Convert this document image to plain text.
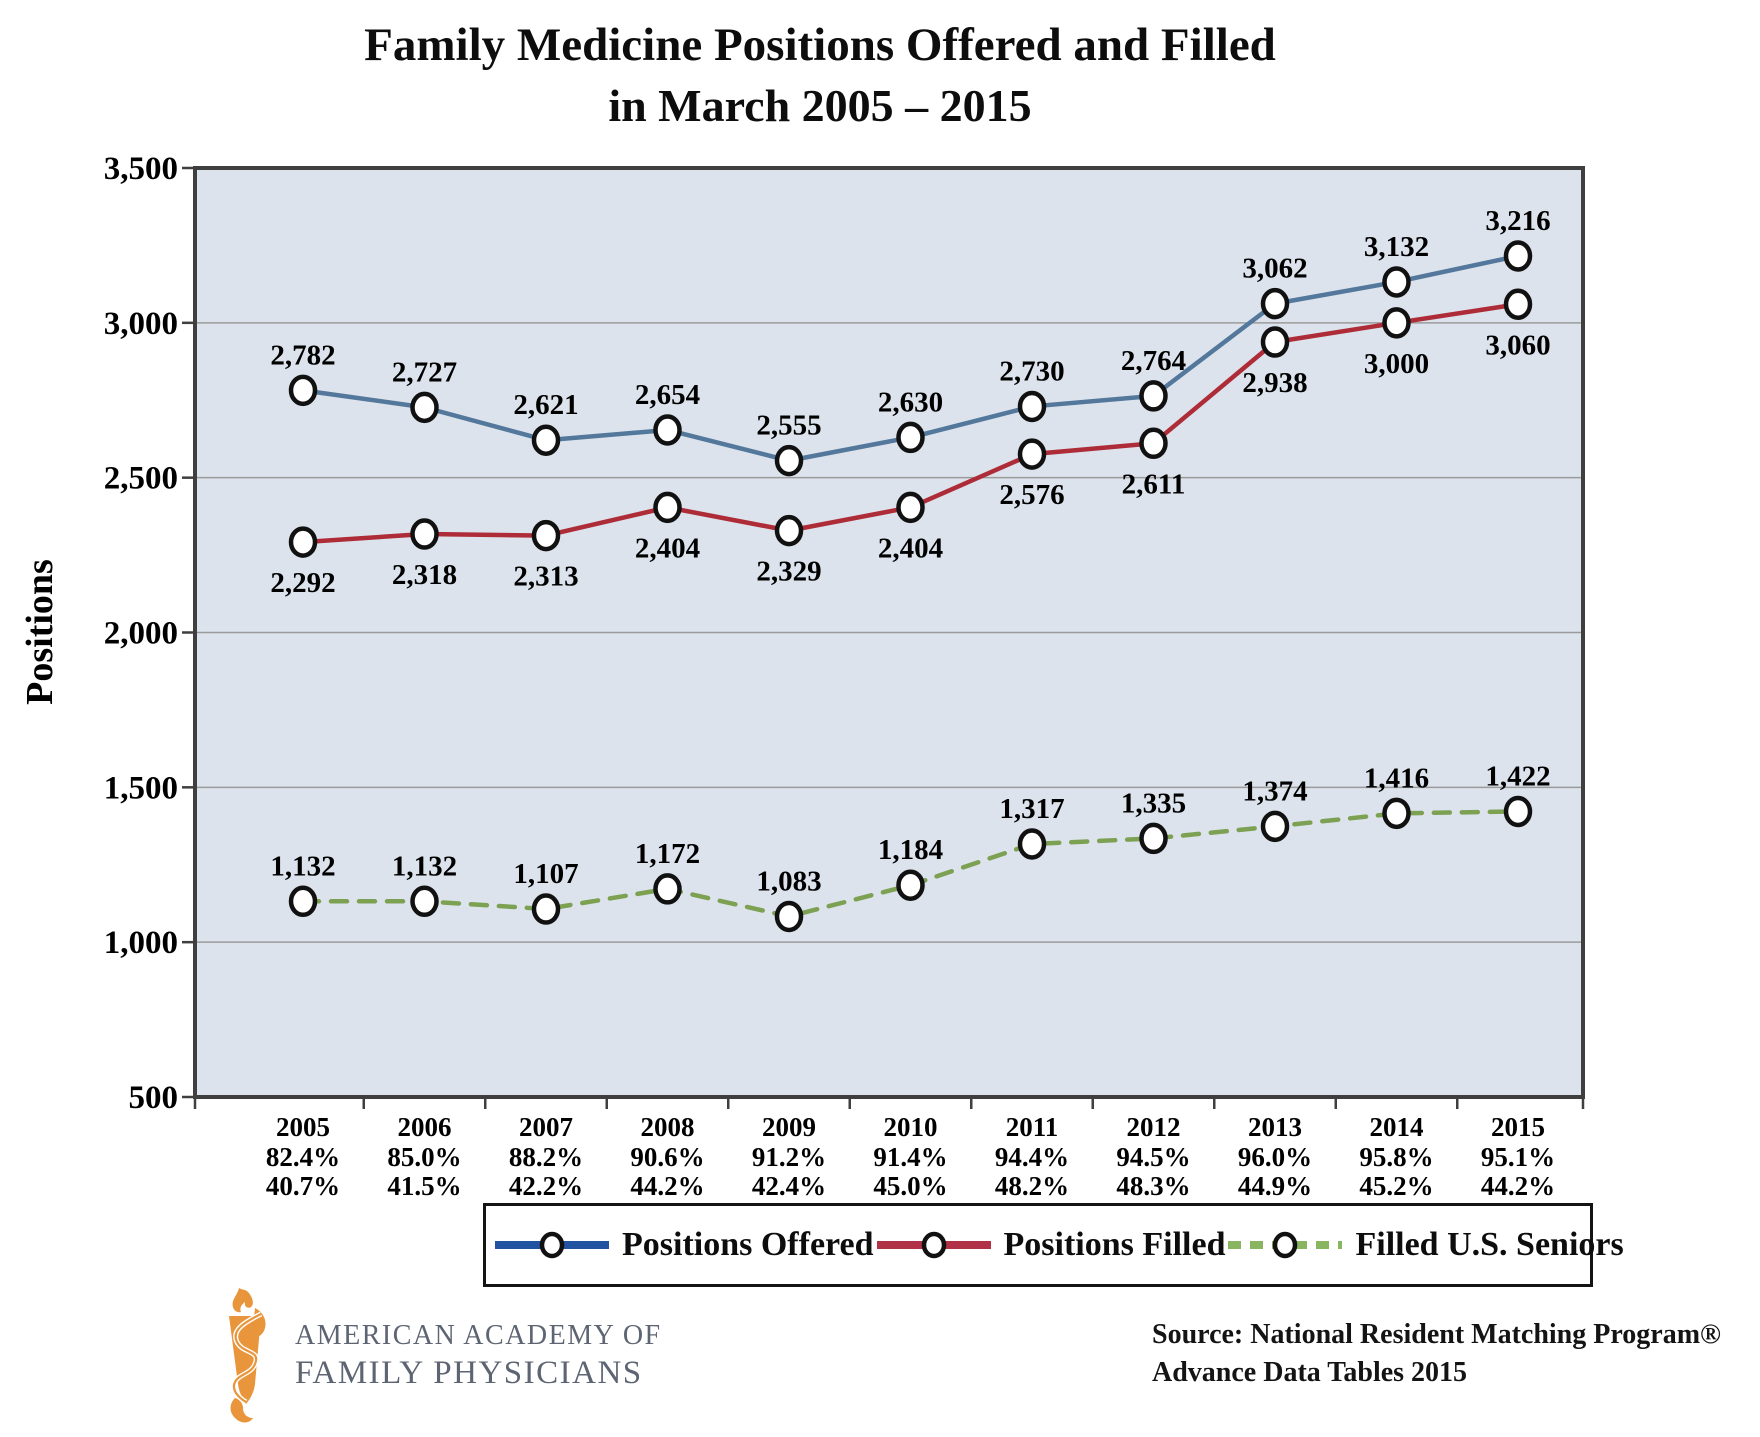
Family Medicine Positions Offered and Filled
in March 2005 – 2015
500
1,000
1,500
2,000
2,500
3,000
3,500
Positions
2005
82.4%
40.7%
2006
85.0%
41.5%
2007
88.2%
42.2%
2008
90.6%
44.2%
2009
91.2%
42.4%
2010
91.4%
45.0%
2011
94.4%
48.2%
2012
94.5%
48.3%
2013
96.0%
44.9%
2014
95.8%
45.2%
2015
95.1%
44.2%
2,782
2,727
2,621 2,654
2,555
2,630
2,730 2,764
3,062
3,132
3,216
2,292 2,318 2,313
2,404
2,329
2,404
2,576 2,611
2,938
3,000
3,060
1,132 1,132 1,107
1,172
1,083
1,184
1,317 1,335 1,374 1,416 1,422
Positions Offered	Positions Filled	Filled U.S. Seniors
AMERICAN ACADEMY OF
FAMILY PHYSICIANS
Source: National Resident Matching Program®
Advance Data Tables 2015
